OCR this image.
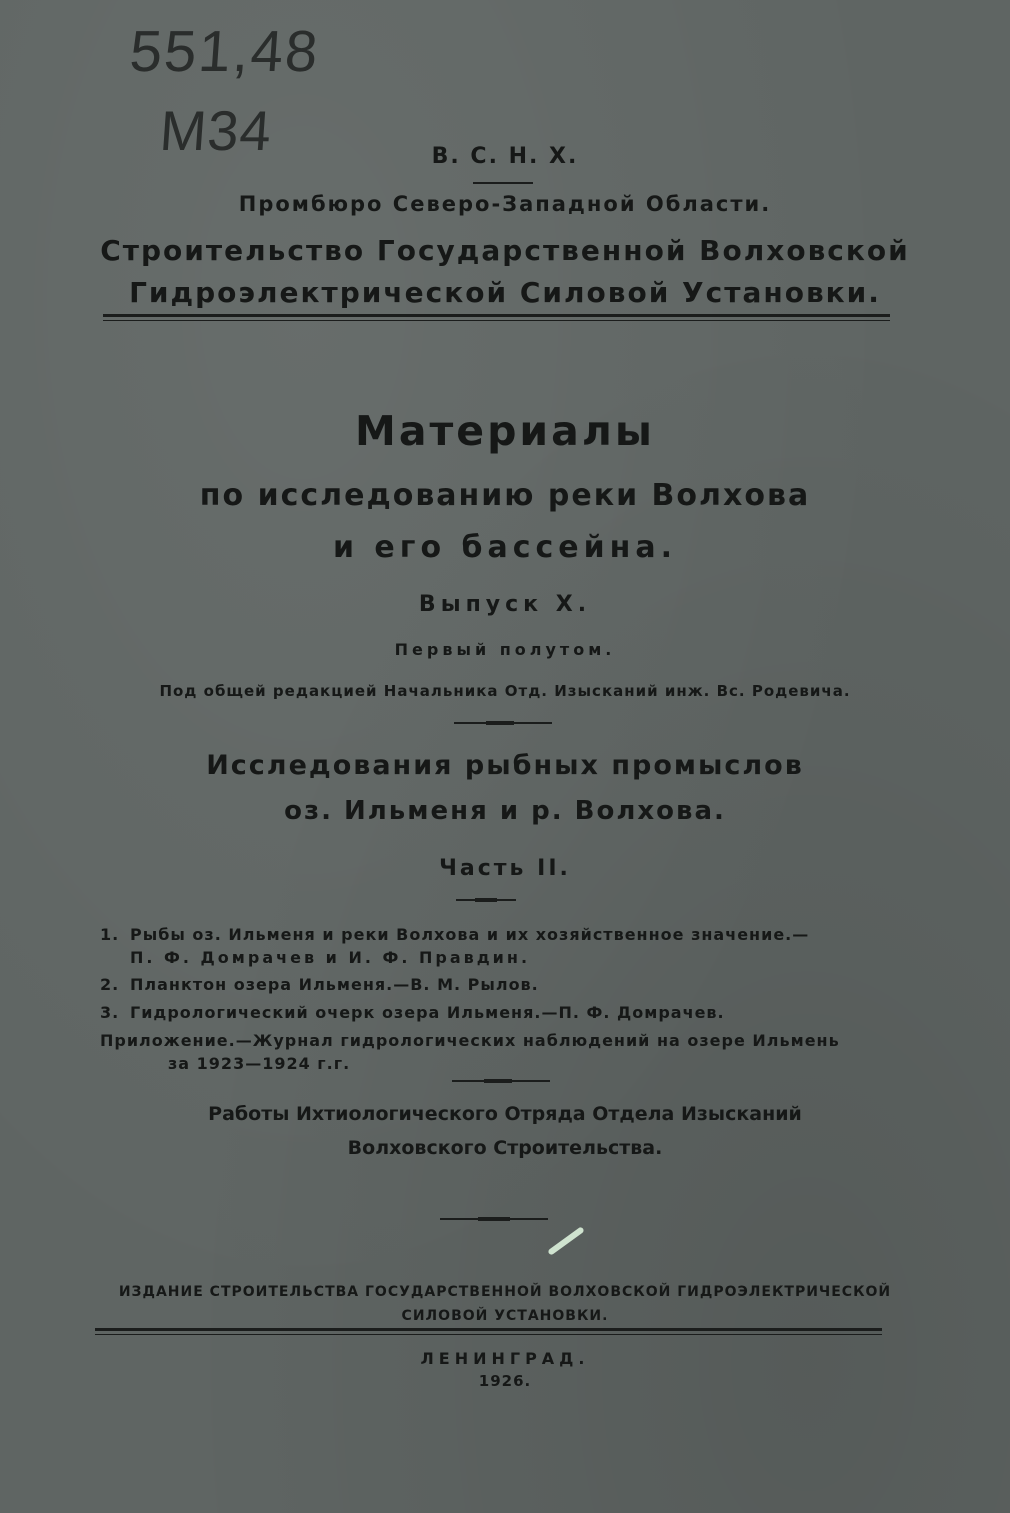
551,48
М34	В. С. Н. Х.
Промбюро Северо-Западной Области.
Строительство Государственной Волховской
Гидроэлектрической Силовой Установки.
Материалы
по исследованию реки Волхова
и его бассейна.
Выпуск X.
Первый полутом.
Под общей редакцией Начальника Отд. Изысканий инж. Вс. Родевича.
Исследования рыбных промыслов
оз. Ильменя и р. Волхова.
Часть II.
1. Рыбы оз. Ильменя и реки Волхова и их хозяйственное значение.—
П. Ф. Домрачев и И. Ф. Правдин.
2. Планктон озера Ильменя.—В. М. Рылов.
3. Гидрологический очерк озера Ильменя.—П. Ф. Домрачев.
Приложение.—Журнал гидрологических наблюдений на озере Ильмень
за 1923—1924 г.г.
Работы Ихтиологического Отряда Отдела Изысканий
Волховского Строительства.
ИЗДАНИЕ СТРОИТЕЛЬСТВА ГОСУДАРСТВЕННОЙ ВОЛХОВСКОЙ ГИДРОЭЛЕКТРИЧЕСКОЙ
СИЛОВОЙ УСТАНОВКИ.
ЛЕНИНГРАД.
1926.
